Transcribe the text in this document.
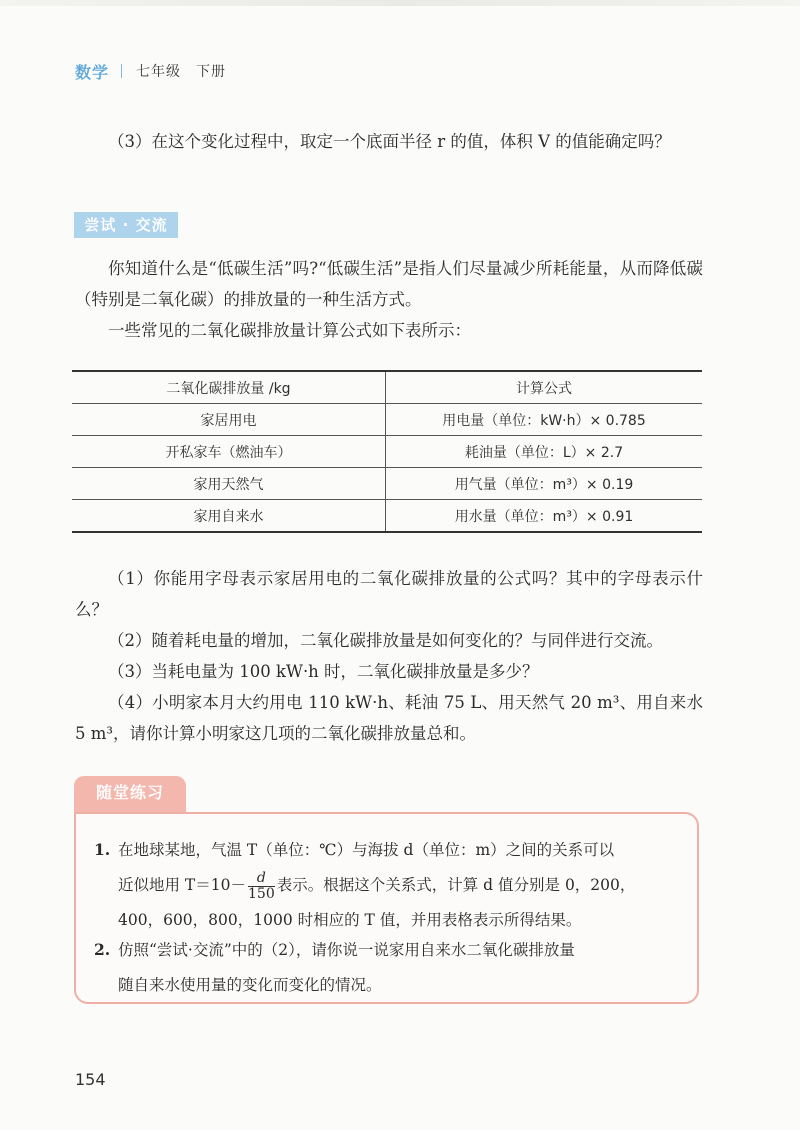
数学 七年级　下册
（3）在这个变化过程中，取定一个底面半径 r 的值，体积 V 的值能确定吗？
尝试 · 交流
你知道什么是“低碳生活”吗?“低碳生活”是指人们尽量减少所耗能量，从而降低碳（特别是二氧化碳）的排放量的一种生活方式。
一些常见的二氧化碳排放量计算公式如下表所示：
二氧化碳排放量 /kg	计算公式
家居用电	用电量（单位：kW·h）× 0.785
开私家车（燃油车）	耗油量（单位：L）× 2.7
家用天然气	用气量（单位：m³）× 0.19
家用自来水	用水量（单位：m³）× 0.91
（1）你能用字母表示家居用电的二氧化碳排放量的公式吗？其中的字母表示什么？
（2）随着耗电量的增加，二氧化碳排放量是如何变化的？与同伴进行交流。
（3）当耗电量为 100 kW·h 时，二氧化碳排放量是多少？
（4）小明家本月大约用电 110 kW·h、耗油 75 L、用天然气 20 m³、用自来水 5 m³，请你计算小明家这几项的二氧化碳排放量总和。
随堂练习
1. 在地球某地，气温 T（单位：℃）与海拔 d（单位：m）之间的关系可以
近似地用 $T=10- \frac{d}{150}$ 表示。根据这个关系式，计算 d 值分别是 0，200，
400，600，800，1000 时相应的 T 值，并用表格表示所得结果。
2. 仿照“尝试·交流”中的（2），请你说一说家用自来水二氧化碳排放量
随自来水使用量的变化而变化的情况。
154
